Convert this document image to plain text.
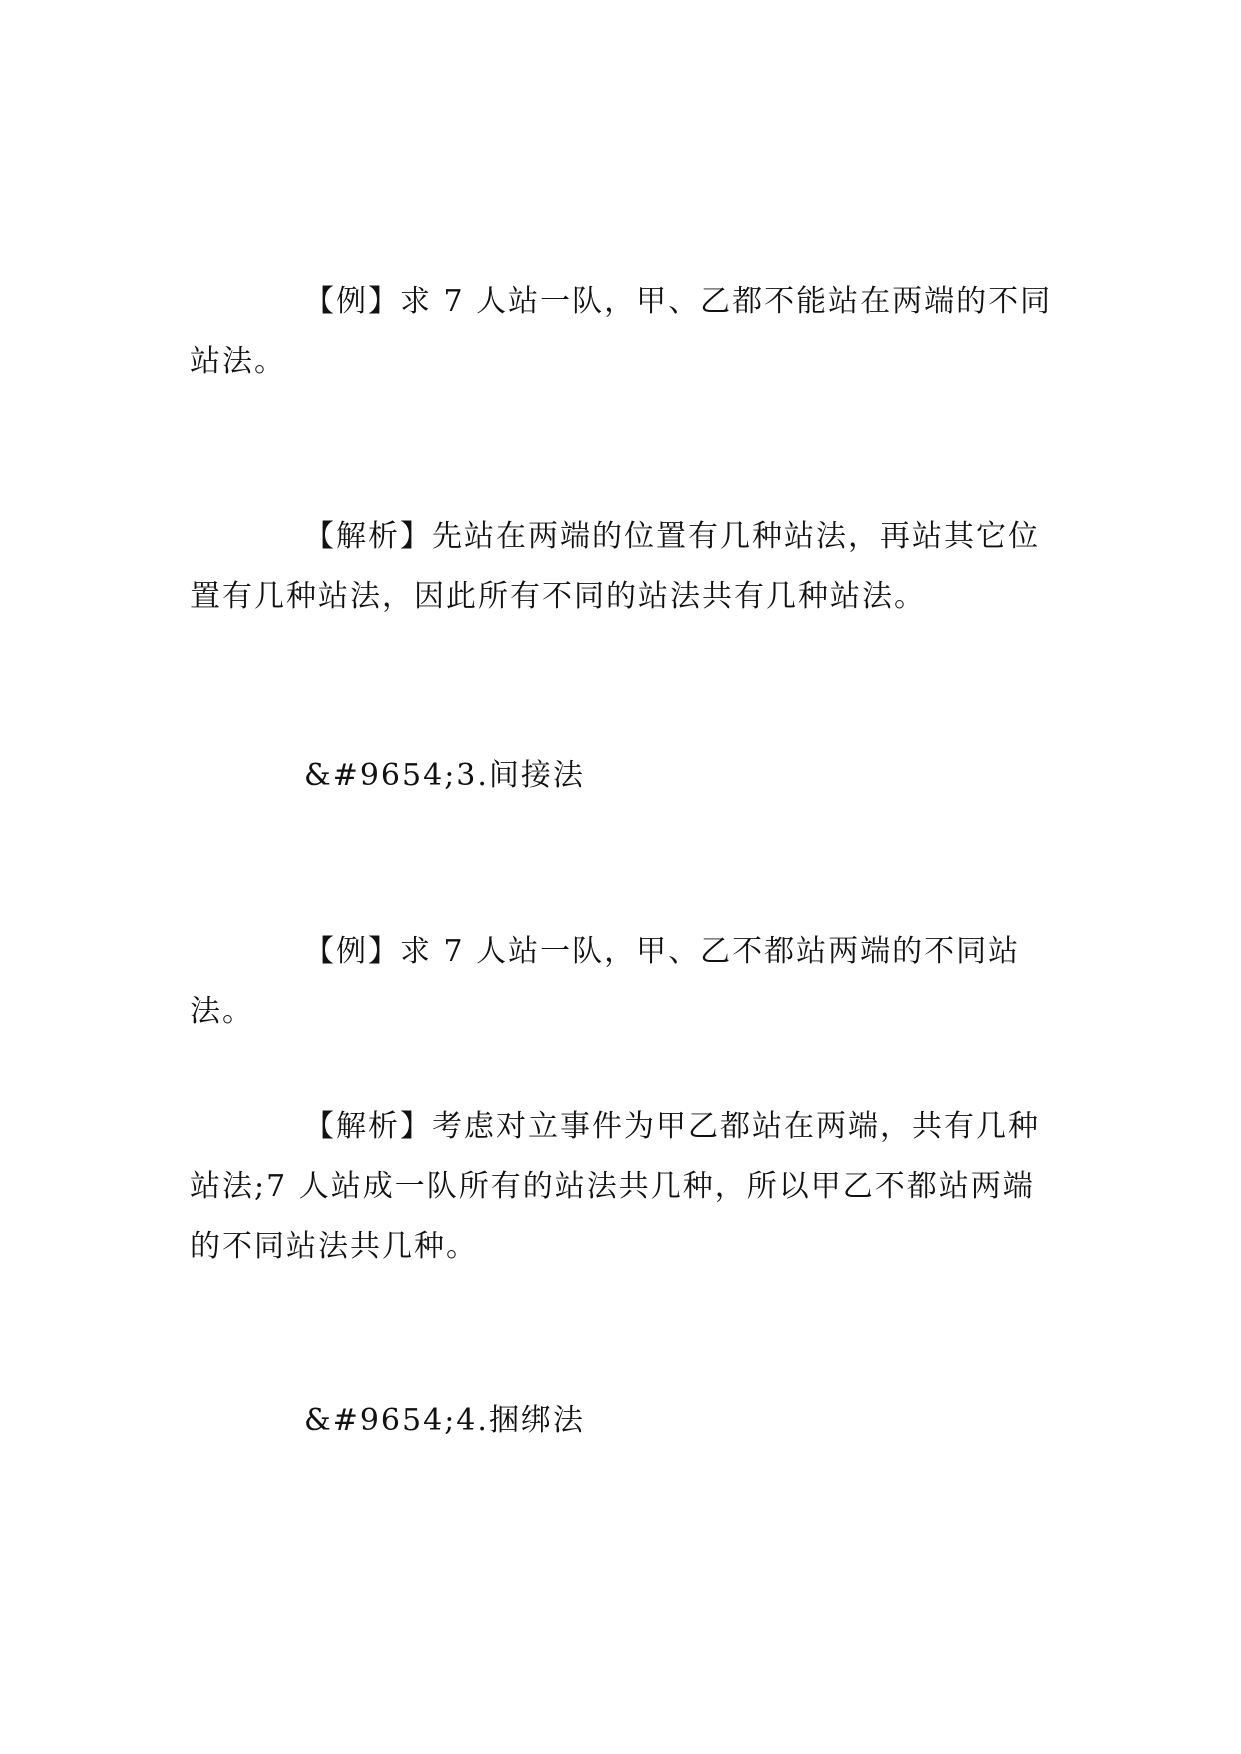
【例】求 7 人站一队，甲、乙都不能站在两端的不同站法。

【解析】先站在两端的位置有几种站法，再站其它位置有几种站法，因此所有不同的站法共有几种站法。

&#9654;3.间接法

【例】求 7 人站一队，甲、乙不都站两端的不同站法。

【解析】考虑对立事件为甲乙都站在两端，共有几种站法;7 人站成一队所有的站法共几种，所以甲乙不都站两端的不同站法共几种。

&#9654;4.捆绑法
